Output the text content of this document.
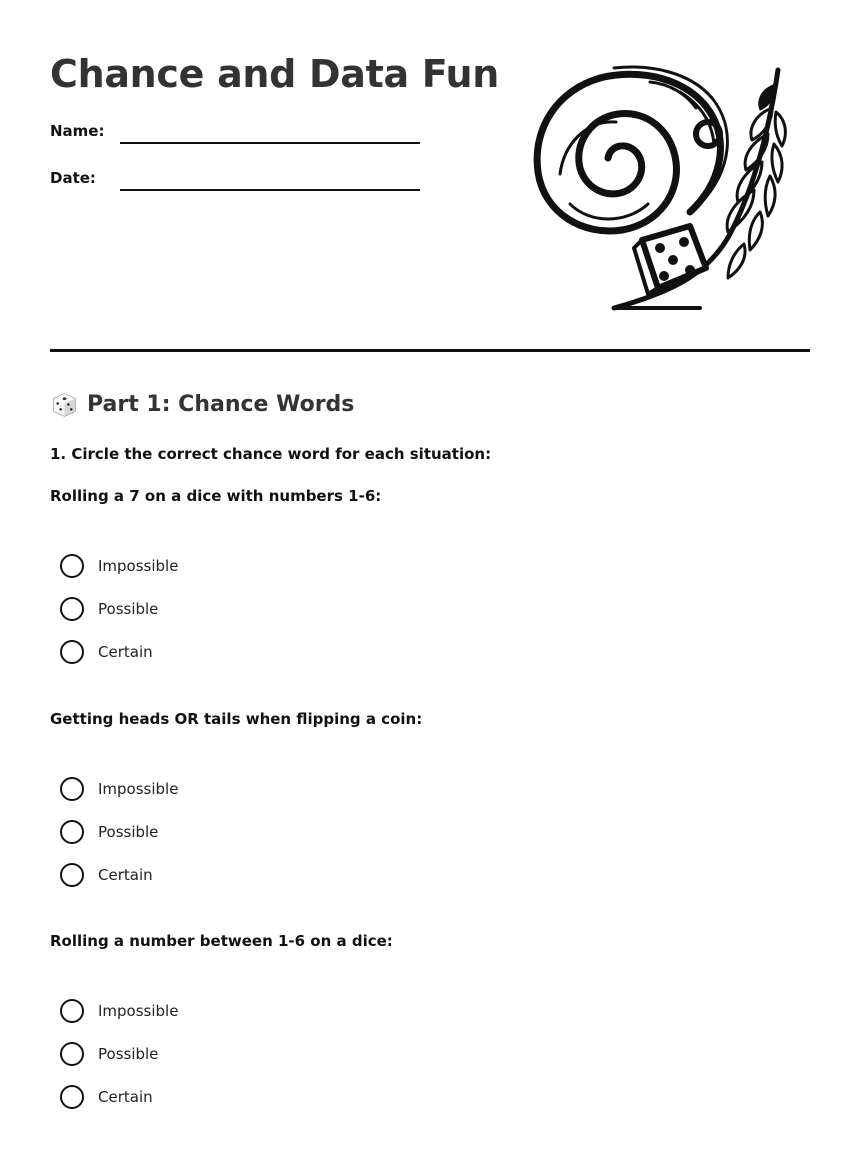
Chance and Data Fun
Name:
Date:
Part 1: Chance Words

1. Circle the correct chance word for each situation:

Rolling a 7 on a dice with numbers 1-6:

Impossible
Possible
Certain

Getting heads OR tails when flipping a coin:

Impossible
Possible
Certain

Rolling a number between 1-6 on a dice:

Impossible
Possible
Certain
